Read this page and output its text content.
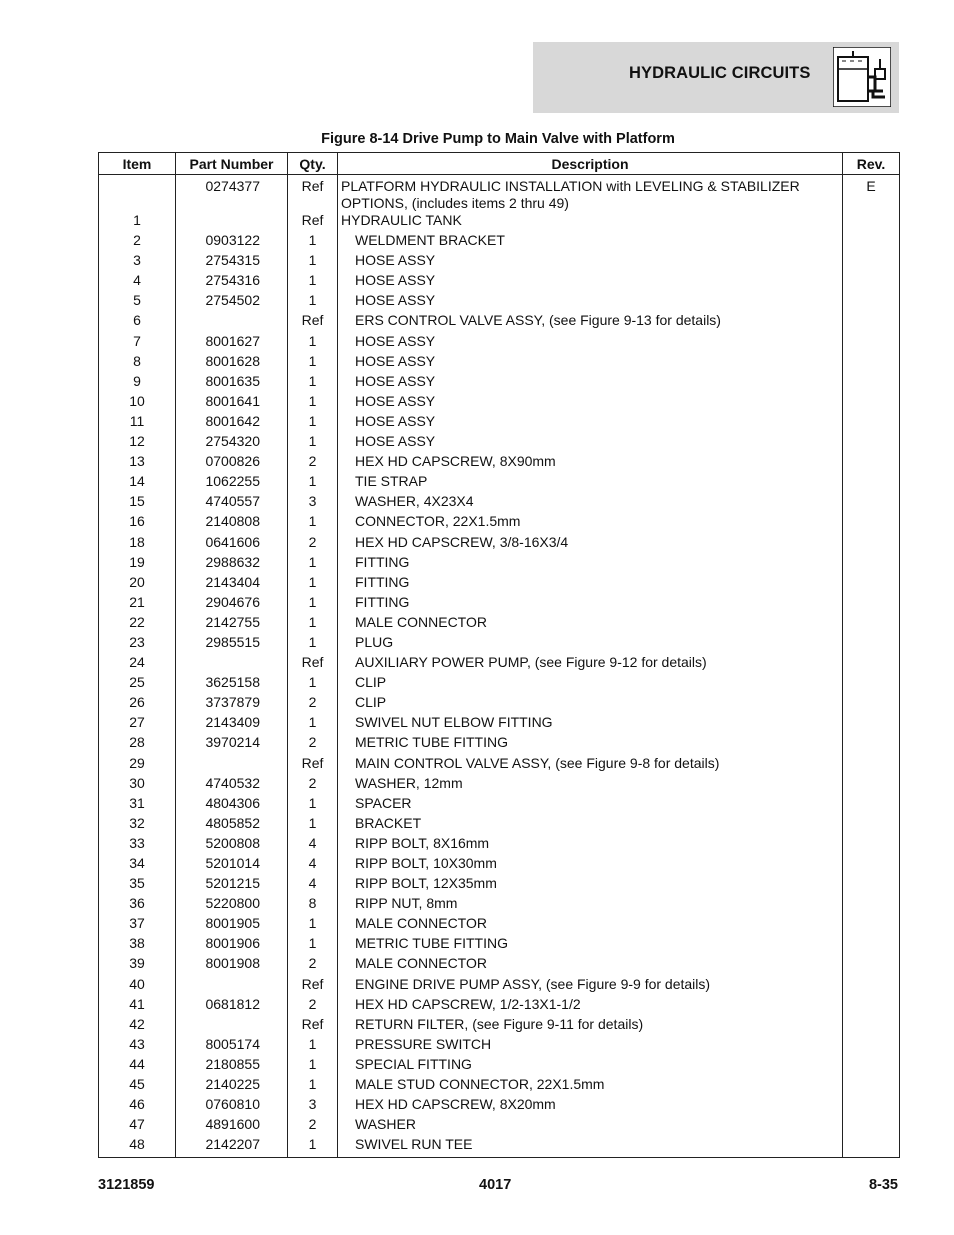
HYDRAULIC CIRCUITS
Figure 8-14 Drive Pump to Main Valve with Platform
Item	Part Number	Qty.	Description	Rev.
	0274377	Ref	PLATFORM HYDRAULIC INSTALLATION with LEVELING & STABILIZER OPTIONS, (includes items 2 thru 49)	E
1		Ref	HYDRAULIC TANK	
2	0903122	1	WELDMENT BRACKET	
3	2754315	1	HOSE ASSY	
4	2754316	1	HOSE ASSY	
5	2754502	1	HOSE ASSY	
6		Ref	ERS CONTROL VALVE ASSY, (see Figure 9-13 for details)	
7	8001627	1	HOSE ASSY	
8	8001628	1	HOSE ASSY	
9	8001635	1	HOSE ASSY	
10	8001641	1	HOSE ASSY	
11	8001642	1	HOSE ASSY	
12	2754320	1	HOSE ASSY	
13	0700826	2	HEX HD CAPSCREW, 8X90mm	
14	1062255	1	TIE STRAP	
15	4740557	3	WASHER, 4X23X4	
16	2140808	1	CONNECTOR, 22X1.5mm	
18	0641606	2	HEX HD CAPSCREW, 3/8-16X3/4	
19	2988632	1	FITTING	
20	2143404	1	FITTING	
21	2904676	1	FITTING	
22	2142755	1	MALE CONNECTOR	
23	2985515	1	PLUG	
24		Ref	AUXILIARY POWER PUMP, (see Figure 9-12 for details)	
25	3625158	1	CLIP	
26	3737879	2	CLIP	
27	2143409	1	SWIVEL NUT ELBOW FITTING	
28	3970214	2	METRIC TUBE FITTING	
29		Ref	MAIN CONTROL VALVE ASSY, (see Figure 9-8 for details)	
30	4740532	2	WASHER, 12mm	
31	4804306	1	SPACER	
32	4805852	1	BRACKET	
33	5200808	4	RIPP BOLT, 8X16mm	
34	5201014	4	RIPP BOLT, 10X30mm	
35	5201215	4	RIPP BOLT, 12X35mm	
36	5220800	8	RIPP NUT, 8mm	
37	8001905	1	MALE CONNECTOR	
38	8001906	1	METRIC TUBE FITTING	
39	8001908	2	MALE CONNECTOR	
40		Ref	ENGINE DRIVE PUMP ASSY, (see Figure 9-9 for details)	
41	0681812	2	HEX HD CAPSCREW, 1/2-13X1-1/2	
42		Ref	RETURN FILTER, (see Figure 9-11 for details)	
43	8005174	1	PRESSURE SWITCH	
44	2180855	1	SPECIAL FITTING	
45	2140225	1	MALE STUD CONNECTOR, 22X1.5mm	
46	0760810	3	HEX HD CAPSCREW, 8X20mm	
47	4891600	2	WASHER	
48	2142207	1	SWIVEL RUN TEE	
3121859	4017	8-35
